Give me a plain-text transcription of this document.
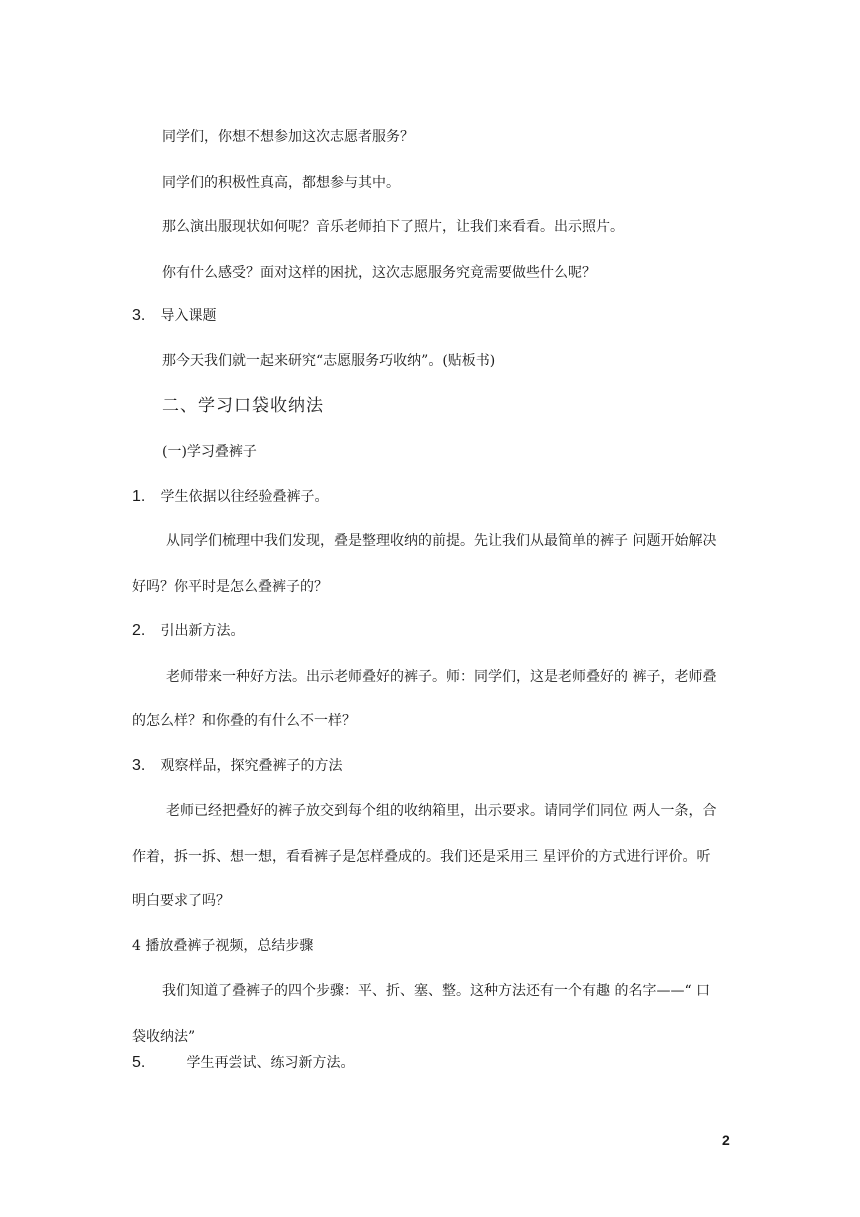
同学们，你想不想参加这次志愿者服务？
同学们的积极性真高，都想参与其中。
那么演出服现状如何呢？音乐老师拍下了照片，让我们来看看。出示照片。
你有什么感受？面对这样的困扰，这次志愿服务究竟需要做些什么呢？
3. 导入课题
那今天我们就一起来研究“志愿服务巧收纳”。(贴板书)
二、学习口袋收纳法
(一)学习叠裤子
1. 学生依据以往经验叠裤子。
从同学们梳理中我们发现，叠是整理收纳的前提。先让我们从最简单的裤子 问题开始解决
好吗？你平时是怎么叠裤子的？
2. 引出新方法。
老师带来一种好方法。出示老师叠好的裤子。师：同学们，这是老师叠好的 裤子，老师叠
的怎么样？和你叠的有什么不一样？
3. 观察样品，探究叠裤子的方法
老师已经把叠好的裤子放交到每个组的收纳箱里，出示要求。请同学们同位 两人一条，合
作着，拆一拆、想一想，看看裤子是怎样叠成的。我们还是采用三 星评价的方式进行评价。听
明白要求了吗？
4 播放叠裤子视频，总结步骤
我们知道了叠裤子的四个步骤：平、折、塞、整。这种方法还有一个有趣 的名字——“ 口
袋收纳法”
5.	学生再尝试、练习新方法。
2
